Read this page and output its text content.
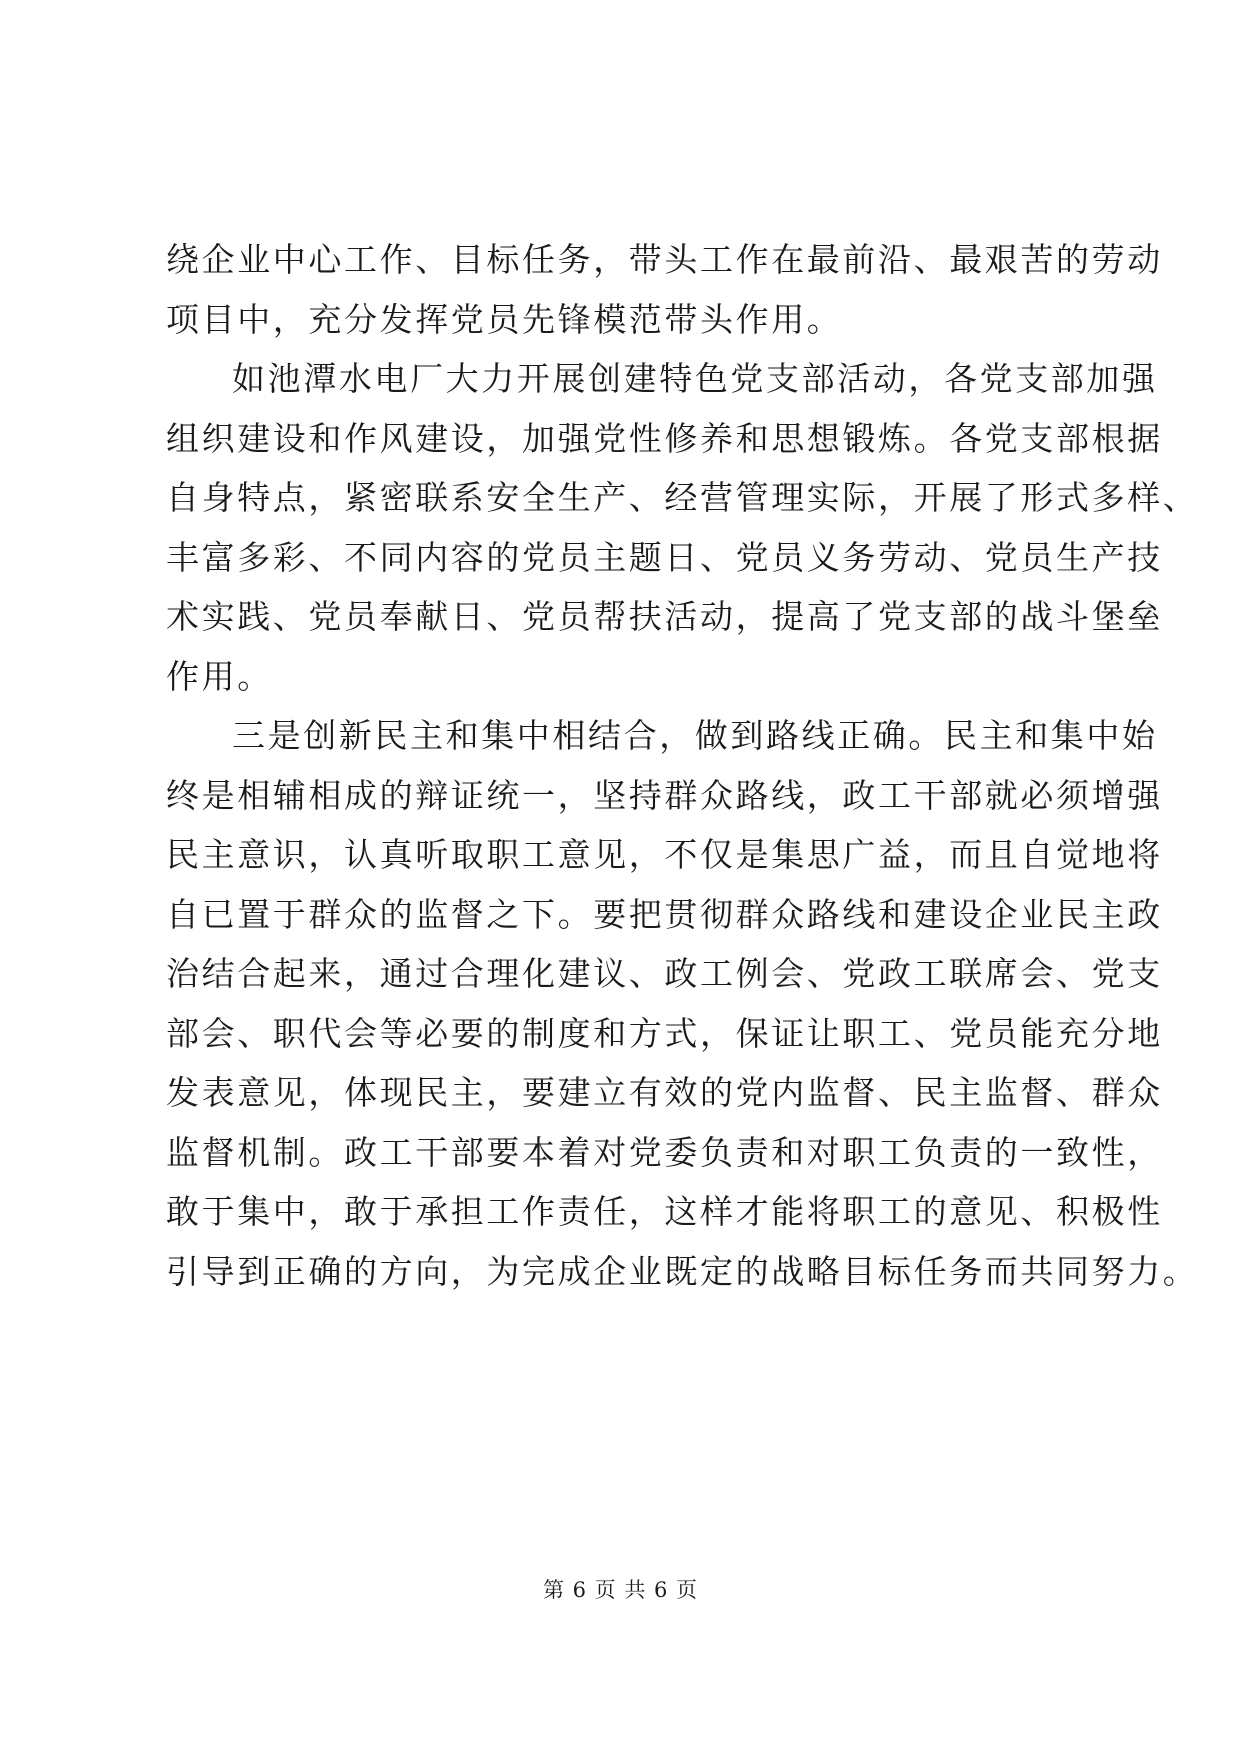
绕企业中心工作、目标任务，带头工作在最前沿、最艰苦的劳动
项目中，充分发挥党员先锋模范带头作用。
如池潭水电厂大力开展创建特色党支部活动，各党支部加强
组织建设和作风建设，加强党性修养和思想锻炼。各党支部根据
自身特点，紧密联系安全生产、经营管理实际，开展了形式多样、
丰富多彩、不同内容的党员主题日、党员义务劳动、党员生产技
术实践、党员奉献日、党员帮扶活动，提高了党支部的战斗堡垒
作用。
三是创新民主和集中相结合，做到路线正确。民主和集中始
终是相辅相成的辩证统一，坚持群众路线，政工干部就必须增强
民主意识，认真听取职工意见，不仅是集思广益，而且自觉地将
自已置于群众的监督之下。要把贯彻群众路线和建设企业民主政
治结合起来，通过合理化建议、政工例会、党政工联席会、党支
部会、职代会等必要的制度和方式，保证让职工、党员能充分地
发表意见，体现民主，要建立有效的党内监督、民主监督、群众
监督机制。政工干部要本着对党委负责和对职工负责的一致性，
敢于集中，敢于承担工作责任，这样才能将职工的意见、积极性
引导到正确的方向，为完成企业既定的战略目标任务而共同努力。
第 6 页 共 6 页
